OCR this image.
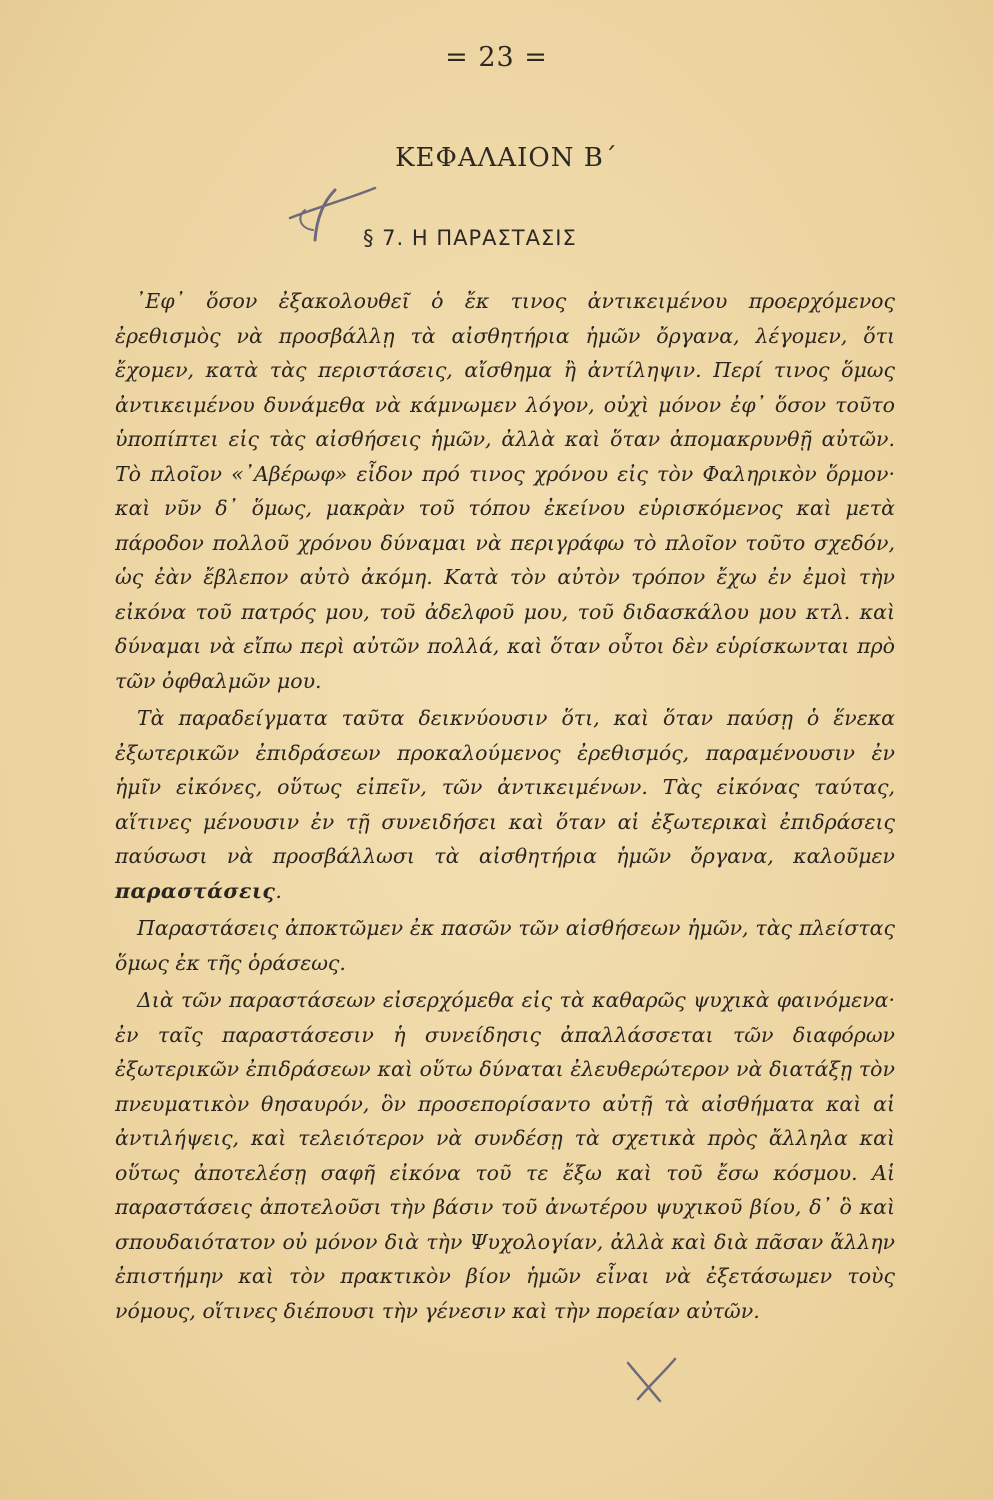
= 23 =
ΚΕΦΑΛΑΙΟΝ Β΄
§ 7. Η ΠΑΡΑΣΤΑΣΙΣ

᾿Εφ᾿ ὅσον ἐξακολουθεῖ ὁ ἔκ τινος ἀντικειμένου προερχόμενος ἐρεθισμὸς νὰ προσβάλλῃ τὰ αἰσθητήρια ἡμῶν ὄργανα, λέγομεν, ὅτι ἔχομεν, κατὰ τὰς περιστάσεις, αἴσθημα ἢ ἀντίληψιν. Περί τινος ὅμως ἀντικειμένου δυνάμεθα νὰ κάμνωμεν λόγον, οὐχὶ μόνον ἐφ᾿ ὅσον τοῦτο ὑποπίπτει εἰς τὰς αἰσθήσεις ἡμῶν, ἀλλὰ καὶ ὅταν ἀπομακρυνθῇ αὐτῶν. Τὸ πλοῖον «᾿Αβέρωφ» εἶδον πρό τινος χρόνου εἰς τὸν Φαληρικὸν ὅρμον· καὶ νῦν δ᾿ ὅμως, μακρὰν τοῦ τόπου ἐκείνου εὑρισκόμενος καὶ μετὰ πάροδον πολλοῦ χρόνου δύναμαι νὰ περιγράφω τὸ πλοῖον τοῦτο σχεδόν, ὡς ἐὰν ἔβλεπον αὐτὸ ἀκόμη. Κατὰ τὸν αὐτὸν τρόπον ἔχω ἐν ἐμοὶ τὴν εἰκόνα τοῦ πατρός μου, τοῦ ἀδελφοῦ μου, τοῦ διδασκάλου μου κτλ. καὶ δύναμαι νὰ εἴπω περὶ αὐτῶν πολλά, καὶ ὅταν οὗτοι δὲν εὑρίσκωνται πρὸ τῶν ὀφθαλμῶν μου.

Τὰ παραδείγματα ταῦτα δεικνύουσιν ὅτι, καὶ ὅταν παύσῃ ὁ ἕνεκα ἐξωτερικῶν ἐπιδράσεων προκαλούμενος ἐρεθισμός, παραμένουσιν ἐν ἡμῖν εἰκόνες, οὕτως εἰπεῖν, τῶν ἀντικειμένων. Τὰς εἰκόνας ταύτας, αἵτινες μένουσιν ἐν τῇ συνειδήσει καὶ ὅταν αἱ ἐξωτερικαὶ ἐπιδράσεις παύσωσι νὰ προσβάλλωσι τὰ αἰσθητήρια ἡμῶν ὄργανα, καλοῦμεν παραστάσεις.

Παραστάσεις ἀποκτῶμεν ἐκ πασῶν τῶν αἰσθήσεων ἡμῶν, τὰς πλείστας ὅμως ἐκ τῆς ὁράσεως.

Διὰ τῶν παραστάσεων εἰσερχόμεθα εἰς τὰ καθαρῶς ψυχικὰ φαινόμενα· ἐν ταῖς παραστάσεσιν ἡ συνείδησις ἀπαλλάσσεται τῶν διαφόρων ἐξωτερικῶν ἐπιδράσεων καὶ οὕτω δύναται ἐλευθερώτερον νὰ διατάξῃ τὸν πνευματικὸν θησαυρόν, ὃν προσεπορίσαντο αὐτῇ τὰ αἰσθήματα καὶ αἱ ἀντιλήψεις, καὶ τελειότερον νὰ συνδέσῃ τὰ σχετικὰ πρὸς ἄλληλα καὶ οὕτως ἀποτελέσῃ σαφῆ εἰκόνα τοῦ τε ἔξω καὶ τοῦ ἔσω κόσμου. Αἱ παραστάσεις ἀποτελοῦσι τὴν βάσιν τοῦ ἀνωτέρου ψυχικοῦ βίου, δ᾿ ὃ καὶ σπουδαιότατον οὐ μόνον διὰ τὴν Ψυχολογίαν, ἀλλὰ καὶ διὰ πᾶσαν ἄλλην ἐπιστήμην καὶ τὸν πρακτικὸν βίον ἡμῶν εἶναι νὰ ἐξετάσωμεν τοὺς νόμους, οἵτινες διέπουσι τὴν γένεσιν καὶ τὴν πορείαν αὐτῶν.
